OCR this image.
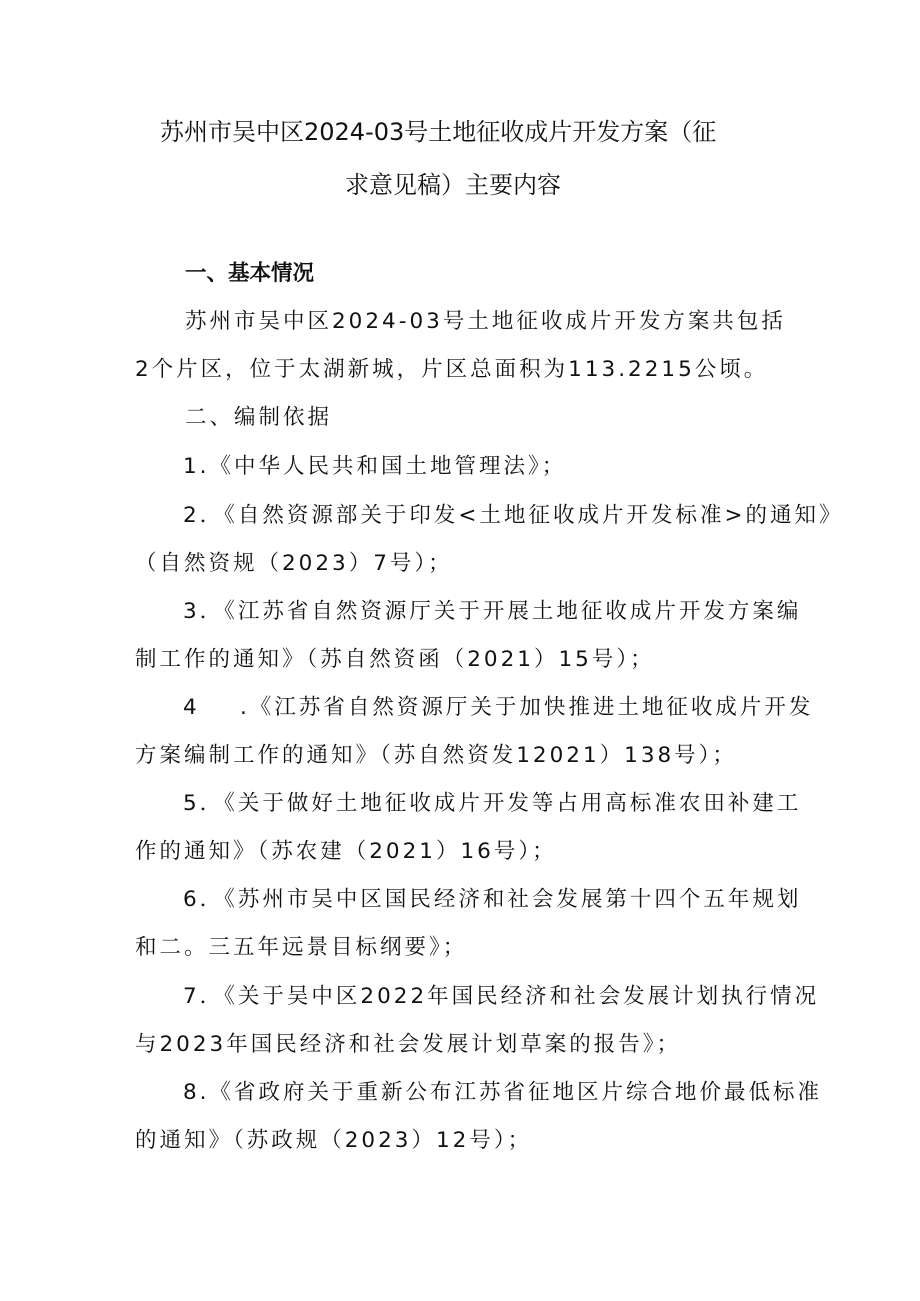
苏州市吴中区2024-03号土地征收成片开发方案（征
求意见稿）主要内容
一、基本情况
苏州市吴中区2024-03号土地征收成片开发方案共包括
2个片区，位于太湖新城，片区总面积为113.2215公顷。
二、编制依据
1.《中华人民共和国土地管理法》；
2．《自然资源部关于印发<土地征收成片开发标准>的通知》
（自然资规（2023）7号）；
3．《江苏省自然资源厅关于开展土地征收成片开发方案编
制工作的通知》（苏自然资函（2021）15号）；
4 .《江苏省自然资源厅关于加快推进土地征收成片开发
方案编制工作的通知》（苏自然资发12021）138号）；
5．《关于做好土地征收成片开发等占用高标准农田补建工
作的通知》（苏农建（2021）16号）；
6．《苏州市吴中区国民经济和社会发展第十四个五年规划
和二。三五年远景目标纲要》；
7．《关于吴中区2022年国民经济和社会发展计划执行情况
与2023年国民经济和社会发展计划草案的报告》；
8.《省政府关于重新公布江苏省征地区片综合地价最低标准
的通知》（苏政规（2023）12号）；
